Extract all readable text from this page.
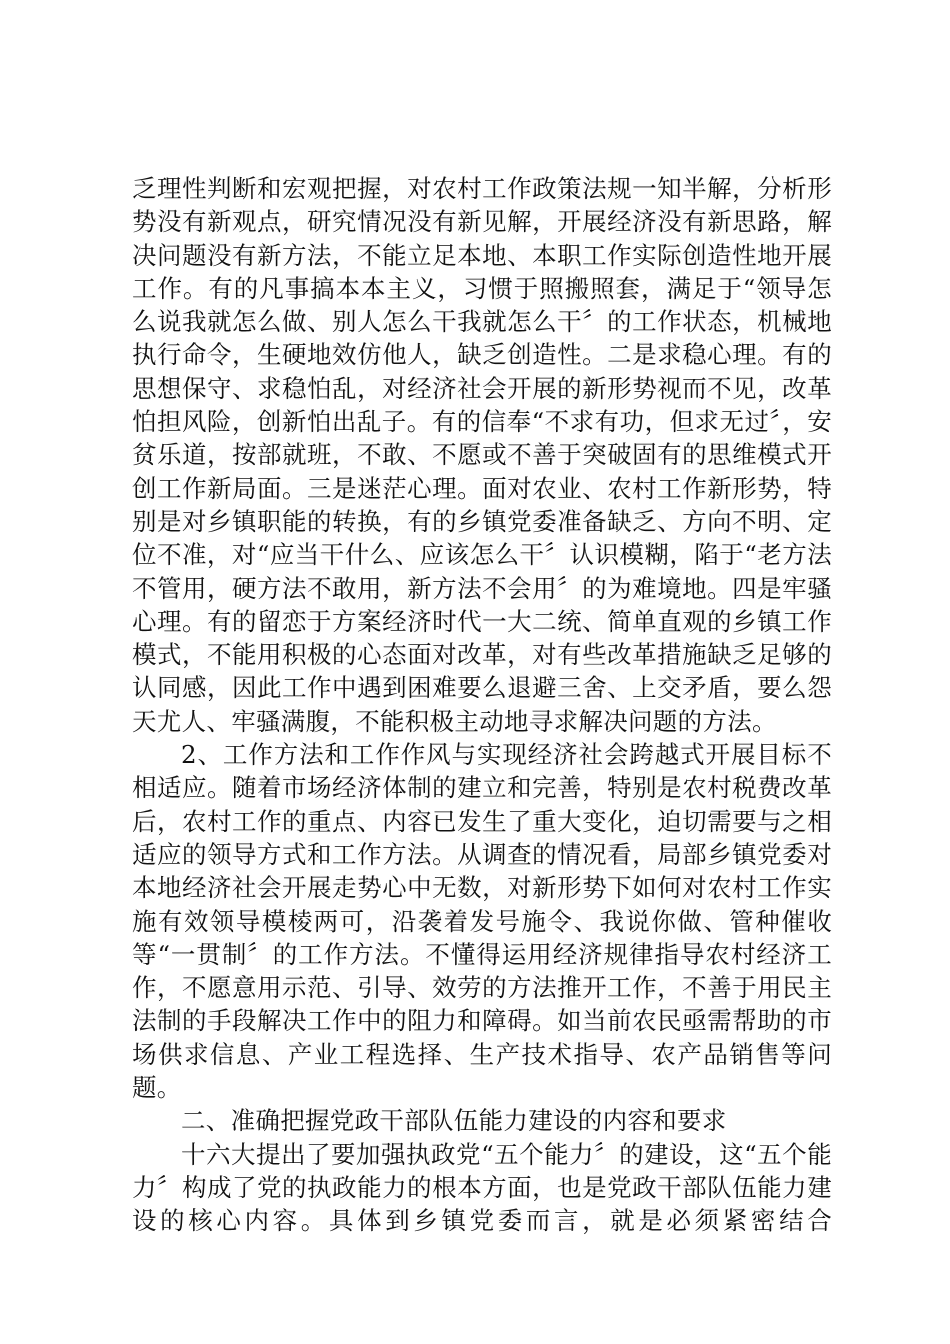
乏理性判断和宏观把握，对农村工作政策法规一知半解，分析形势没有新观点，研究情况没有新见解，开展经济没有新思路，解决问题没有新方法，不能立足本地、本职工作实际创造性地开展工作。有的凡事搞本本主义，习惯于照搬照套，满足于“领导怎么说我就怎么做、别人怎么干我就怎么干〞的工作状态，机械地执行命令，生硬地效仿他人，缺乏创造性。二是求稳心理。有的思想保守、求稳怕乱，对经济社会开展的新形势视而不见，改革怕担风险，创新怕出乱子。有的信奉“不求有功，但求无过〞，安贫乐道，按部就班，不敢、不愿或不善于突破固有的思维模式开创工作新局面。三是迷茫心理。面对农业、农村工作新形势，特别是对乡镇职能的转换，有的乡镇党委准备缺乏、方向不明、定位不准，对“应当干什么、应该怎么干〞认识模糊，陷于“老方法不管用，硬方法不敢用，新方法不会用〞的为难境地。四是牢骚心理。有的留恋于方案经济时代一大二统、简单直观的乡镇工作模式，不能用积极的心态面对改革，对有些改革措施缺乏足够的认同感，因此工作中遇到困难要么退避三舍、上交矛盾，要么怨天尤人、牢骚满腹，不能积极主动地寻求解决问题的方法。

2、工作方法和工作作风与实现经济社会跨越式开展目标不相适应。随着市场经济体制的建立和完善，特别是农村税费改革后，农村工作的重点、内容已发生了重大变化，迫切需要与之相适应的领导方式和工作方法。从调查的情况看，局部乡镇党委对本地经济社会开展走势心中无数，对新形势下如何对农村工作实施有效领导模棱两可，沿袭着发号施令、我说你做、管种催收等“一贯制〞的工作方法。不懂得运用经济规律指导农村经济工作，不愿意用示范、引导、效劳的方法推开工作，不善于用民主法制的手段解决工作中的阻力和障碍。如当前农民亟需帮助的市场供求信息、产业工程选择、生产技术指导、农产品销售等问题。

二、准确把握党政干部队伍能力建设的内容和要求

十六大提出了要加强执政党“五个能力〞的建设，这“五个能力〞构成了党的执政能力的根本方面，也是党政干部队伍能力建设的核心内容。具体到乡镇党委而言，就是必须紧密结合
